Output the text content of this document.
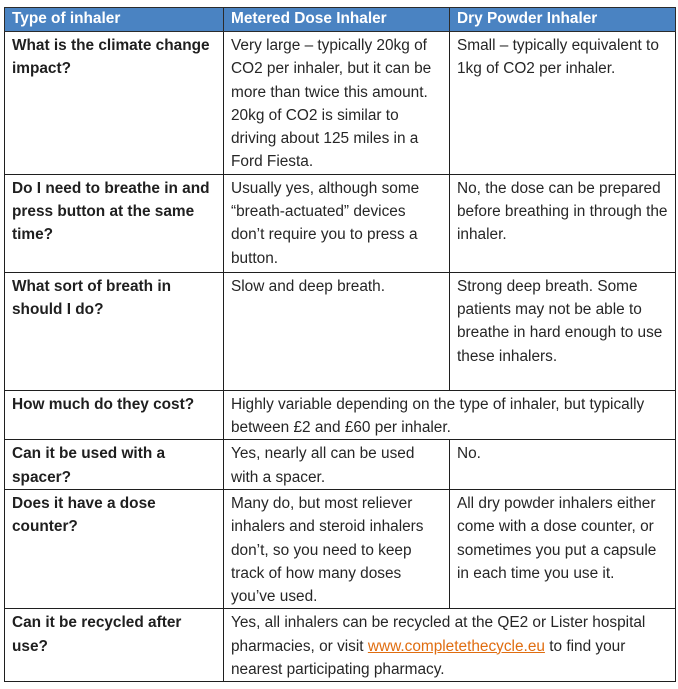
Type of inhaler	Metered Dose Inhaler	Dry Powder Inhaler
What is the climate change impact?	Very large – typically 20kg of CO2 per inhaler, but it can be more than twice this amount. 20kg of CO2 is similar to driving about 125 miles in a Ford Fiesta.	Small – typically equivalent to 1kg of CO2 per inhaler.
Do I need to breathe in and press button at the same time?	Usually yes, although some “breath-actuated” devices don’t require you to press a button.	No, the dose can be prepared before breathing in through the inhaler.
What sort of breath in should I do?	Slow and deep breath.	Strong deep breath. Some patients may not be able to breathe in hard enough to use these inhalers.
How much do they cost?	Highly variable depending on the type of inhaler, but typically between £2 and £60 per inhaler.	
Can it be used with a spacer?	Yes, nearly all can be used with a spacer.	No.
Does it have a dose counter?	Many do, but most reliever inhalers and steroid inhalers don’t, so you need to keep track of how many doses you’ve used.	All dry powder inhalers either come with a dose counter, or sometimes you put a capsule in each time you use it.
Can it be recycled after use?	Yes, all inhalers can be recycled at the QE2 or Lister hospital pharmacies, or visit www.completethecycle.eu to find your nearest participating pharmacy.	
